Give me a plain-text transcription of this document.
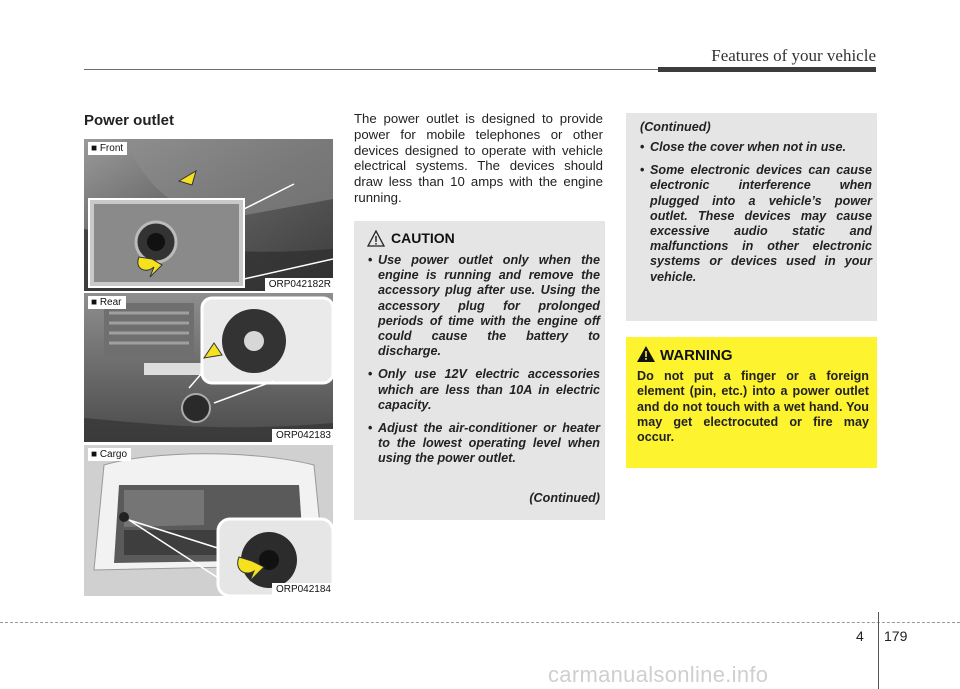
Features of your vehicle
Power outlet
■ Front
ORP042182R
■ Rear
ORP042183
■ Cargo
ORP042184
The power outlet is designed to provide power for mobile telephones or other devices designed to operate with vehicle electrical systems. The devices should draw less than 10 amps with the engine running.
CAUTION
• Use power outlet only when the engine is running and remove the accessory plug after use. Using the accessory plug for prolonged periods of time with the engine off could cause the battery to discharge.
• Only use 12V electric accessories which are less than 10A in electric capacity.
• Adjust the air-conditioner or heater to the lowest operating level when using the power outlet.
(Continued)
(Continued)
• Close the cover when not in use.
• Some electronic devices can cause electronic interference when plugged into a vehicle’s power outlet. These devices may cause excessive audio static and malfunctions in other electronic systems or devices used in your vehicle.
WARNING
Do not put a finger or a foreign element (pin, etc.) into a power outlet and do not touch with a wet hand. You may get electrocuted or fire may occur.
4 179
carmanualsonline.info
